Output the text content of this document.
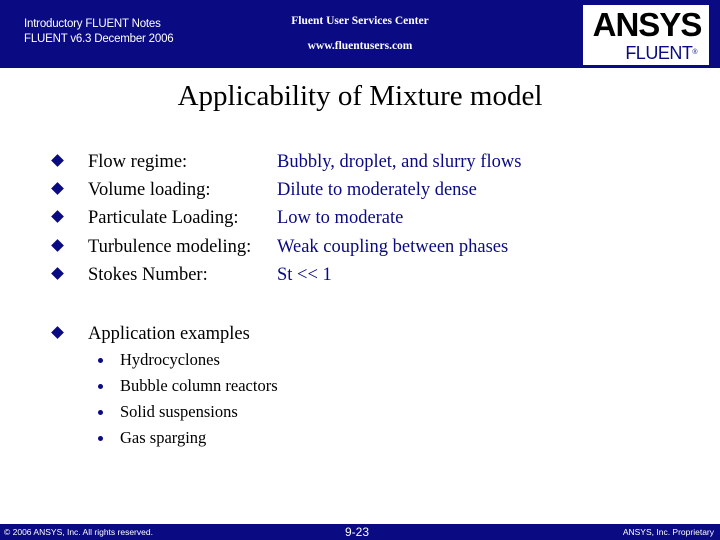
Introductory FLUENT Notes
FLUENT v6.3 December 2006
Fluent User Services Center
www.fluentusers.com
ANSYS
FLUENT®
Applicability of Mixture model
Flow regime:	Bubbly, droplet, and slurry flows
Volume loading:	Dilute to moderately dense
Particulate Loading: Low to moderate
Turbulence modeling: Weak coupling between phases
Stokes Number:	St << 1
Application examples
Hydrocyclones
Bubble column reactors
Solid suspensions
Gas sparging
© 2006 ANSYS, Inc. All rights reserved.	9-23	ANSYS, Inc. Proprietary
